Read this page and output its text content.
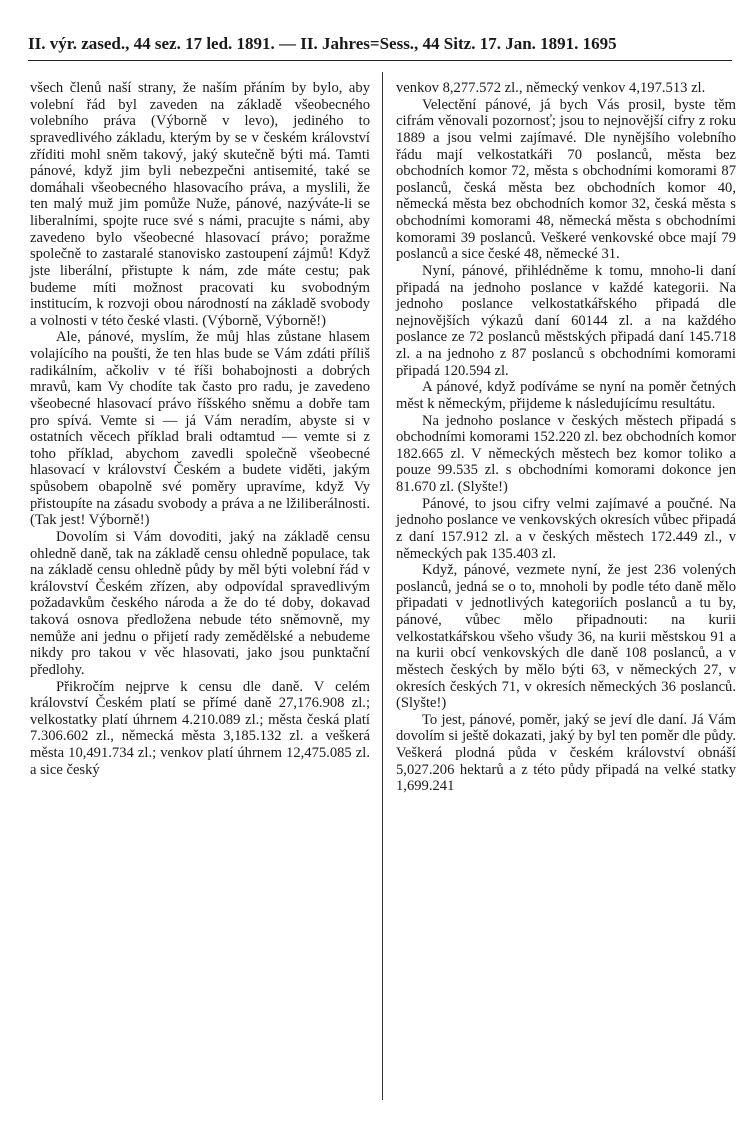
II. výr. zased., 44 sez. 17 led. 1891. — II. Jahres=Sess., 44 Sitz. 17. Jan. 1891. 1695

všech členů naší strany, že naším přáním by bylo, aby volební řád byl zaveden na základě všeobecného volebního práva (Výborně v levo), jediného to spravedlivého základu, kterým by se v českém království zříditi mohl sněm takový, jaký skutečně býti má. Tamti pánové, když jim byli nebezpečni antisemité, také se domáhali všeobecného hlasovacího práva, a myslili, že ten malý muž jim pomůže Nuže, pánové, nazýváte-li se liberalními, spojte ruce své s námi, pracujte s námi, aby zavedeno bylo všeobecné hlasovací právo; poražme společně to zastaralé stanovisko zastoupení zájmů! Když jste liberální, přistupte k nám, zde máte cestu; pak budeme míti možnost pracovati ku svobodným institucím, k rozvoji obou národností na základě svobody a volnosti v této české vlasti. (Výborně, Výborně!)

Ale, pánové, myslím, že můj hlas zůstane hlasem volajícího na poušti, že ten hlas bude se Vám zdáti příliš radikálním, ačkoliv v té říši bohabojnosti a dobrých mravů, kam Vy chodíte tak často pro radu, je zavedeno všeobecné hlasovací právo říšského sněmu a dobře tam pro spívá. Vemte si — já Vám neradím, abyste si v ostatních věcech příklad brali odtamtud — vemte si z toho příklad, abychom zavedli společně všeobecné hlasovací v království Českém a budete viděti, jakým spůsobem obapolně své poměry upravíme, když Vy přistoupíte na zásadu svobody a práva a ne lžiliberálnosti. (Tak jest! Výborně!)

Dovolím si Vám dovoditi, jaký na základě censu ohledně daně, tak na základě censu ohledně populace, tak na základě censu ohledně půdy by měl býti volební řád v království Českém zřízen, aby odpovídal spravedlivým požadavkům českého národa a že do té doby, dokavad taková osnova předložena nebude této sněmovně, my nemůže ani jednu o přijetí rady zemědělské a nebudeme nikdy pro takou v věc hlasovati, jako jsou punktační předlohy.

Přikročím nejprve k censu dle daně. V celém království Českém platí se přímé daně 27,176.908 zl.; velkostatky platí úhrnem 4.210.089 zl.; města česká platí 7.306.602 zl., německá města 3,185.132 zl. a veškerá města 10,491.734 zl.; venkov platí úhrnem 12,475.085 zl. a sice český

venkov 8,277.572 zl., německý venkov 4,197.513 zl.

Velectění pánové, já bych Vás prosil, byste těm cifrám věnovali pozornosť; jsou to nejnovější cifry z roku 1889 a jsou velmi zajímavé. Dle nynějšího volebního řádu mají velkostatkáři 70 poslanců, města bez obchodních komor 72, města s obchodními komorami 87 poslanců, česká města bez obchodních komor 40, německá města bez obchodních komor 32, česká města s obchodními komorami 48, německá města s obchodními komorami 39 poslanců. Veškeré venkovské obce mají 79 poslanců a sice české 48, německé 31.

Nyní, pánové, přihlédněme k tomu, mnoho-li daní připadá na jednoho poslance v každé kategorii. Na jednoho poslance velkostatkářského připadá dle nejnovějších výkazů daní 60144 zl. a na každého poslance ze 72 poslanců městských připadá daní 145.718 zl. a na jednoho z 87 poslanců s obchodními komorami připadá 120.594 zl.

A pánové, když podíváme se nyní na poměr četných měst k německým, přijdeme k následujícímu resultátu.

Na jednoho poslance v českých městech připadá s obchodními komorami 152.220 zl. bez obchodních komor 182.665 zl. V německých městech bez komor toliko a pouze 99.535 zl. s obchodními komorami dokonce jen 81.670 zl. (Slyšte!)

Pánové, to jsou cifry velmi zajímavé a poučné. Na jednoho poslance ve venkovských okresích vůbec připadá z daní 157.912 zl. a v českých městech 172.449 zl., v německých pak 135.403 zl.

Když, pánové, vezmete nyní, že jest 236 volených poslanců, jedná se o to, mnoholi by podle této daně mělo připadati v jednotlivých kategoriích poslanců a tu by, pánové, vůbec mělo připadnouti: na kurii velkostatkářskou všeho všudy 36, na kurii městskou 91 a na kurii obcí venkovských dle daně 108 poslanců, a v městech českých by mělo býti 63, v německých 27, v okresích českých 71, v okresích německých 36 poslanců. (Slyšte!)

To jest, pánové, poměr, jaký se jeví dle daní. Já Vám dovolím si ještě dokazati, jaký by byl ten poměr dle půdy. Veškerá plodná půda v českém království obnáší 5,027.206 hektarů a z této půdy připadá na velké statky 1,699.241
